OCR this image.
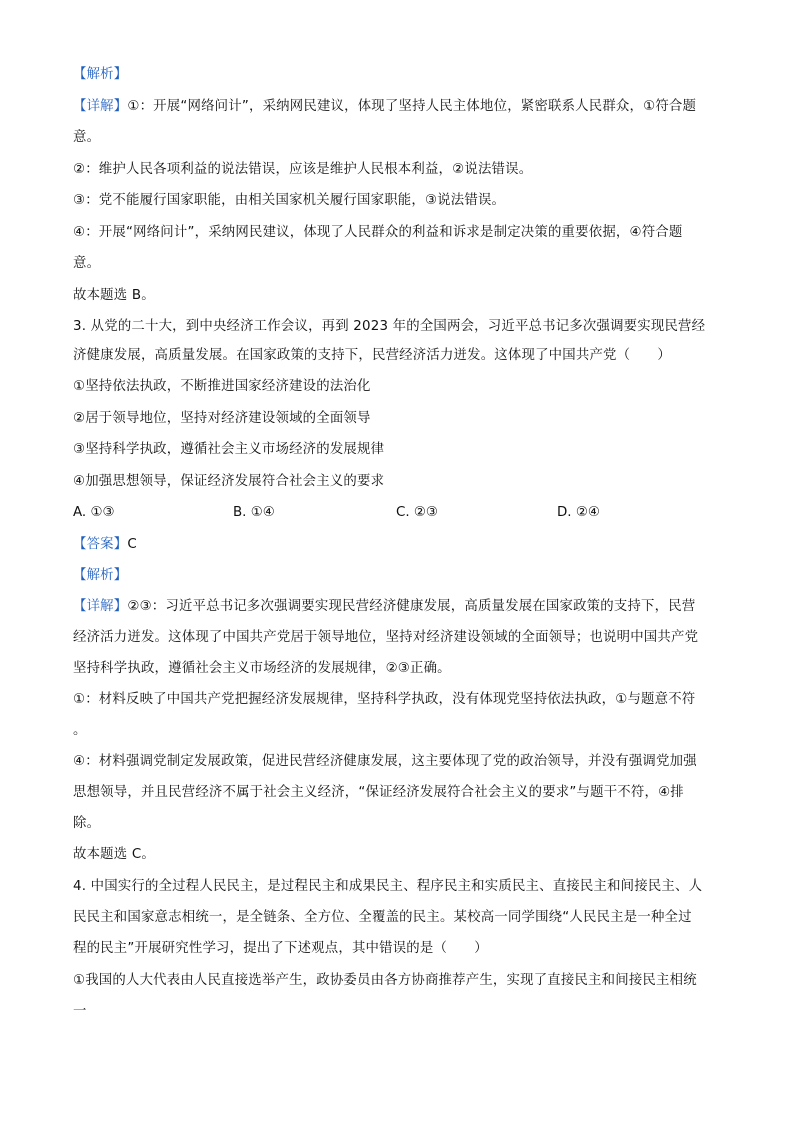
【解析】
【详解】①：开展“网络问计”，采纳网民建议，体现了坚持人民主体地位，紧密联系人民群众，①符合题
意。
②：维护人民各项利益的说法错误，应该是维护人民根本利益，②说法错误。
③：党不能履行国家职能，由相关国家机关履行国家职能，③说法错误。
④：开展“网络问计”，采纳网民建议，体现了人民群众的利益和诉求是制定决策的重要依据，④符合题
意。
故本题选 B。
3. 从党的二十大，到中央经济工作会议，再到 2023 年的全国两会，习近平总书记多次强调要实现民营经
济健康发展，高质量发展。在国家政策的支持下，民营经济活力迸发。这体现了中国共产党（　　）
①坚持依法执政，不断推进国家经济建设的法治化
②居于领导地位，坚持对经济建设领域的全面领导
③坚持科学执政，遵循社会主义市场经济的发展规律
④加强思想领导，保证经济发展符合社会主义的要求
A. ①③	B. ①④	C. ②③	D. ②④
【答案】C
【解析】
【详解】②③：习近平总书记多次强调要实现民营经济健康发展，高质量发展在国家政策的支持下，民营
经济活力迸发。这体现了中国共产党居于领导地位，坚持对经济建设领域的全面领导；也说明中国共产党
坚持科学执政，遵循社会主义市场经济的发展规律，②③正确。
①：材料反映了中国共产党把握经济发展规律，坚持科学执政，没有体现党坚持依法执政，①与题意不符
。
④：材料强调党制定发展政策，促进民营经济健康发展，这主要体现了党的政治领导，并没有强调党加强
思想领导，并且民营经济不属于社会主义经济，“保证经济发展符合社会主义的要求”与题干不符，④排
除。
故本题选 C。
4. 中国实行的全过程人民民主，是过程民主和成果民主、程序民主和实质民主、直接民主和间接民主、人
民民主和国家意志相统一，是全链条、全方位、全覆盖的民主。某校高一同学围绕“人民民主是一种全过
程的民主”开展研究性学习，提出了下述观点，其中错误的是（　　）
①我国的人大代表由人民直接选举产生，政协委员由各方协商推荐产生，实现了直接民主和间接民主相统
一
